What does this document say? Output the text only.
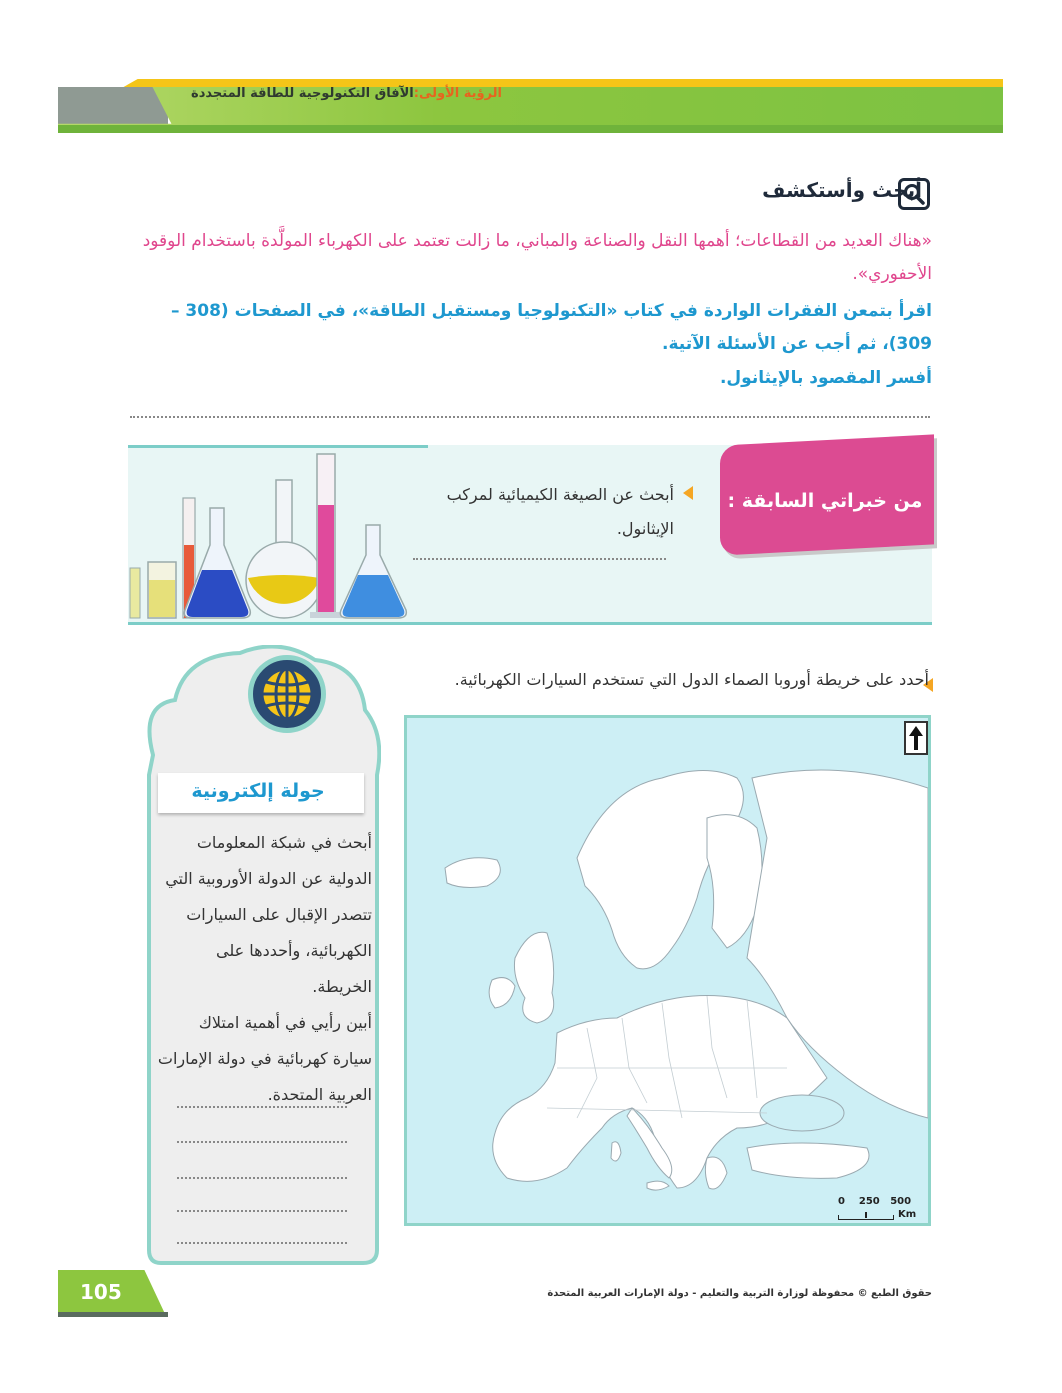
الرؤية الأولى:الآفاق التكنولوجية للطاقة المتجددة
أبحث وأستكشف
«هناك العديد من القطاعات؛ أهمها النقل والصناعة والمباني، ما زالت تعتمد على الكهرباء المولَّدة باستخدام الوقود الأحفوري».
اقرأ بتمعن الفقرات الواردة في كتاب «التكنولوجيا ومستقبل الطاقة»، في الصفحات (308 – 309)، ثم أجب عن الأسئلة الآتية.
أفسر المقصود بالإيثانول.
من خبراتي السابقة :
أبحث عن الصيغة الكيميائية لمركب الإيثانول.
أحدد على خريطة أوروبا الصماء الدول التي تستخدم السيارات الكهربائية.
0    250   500
Km
جولة إلكترونية
أبحث في شبكة المعلومات الدولية عن الدولة الأوروبية التي تتصدر الإقبال على السيارات الكهربائية، وأحددها على الخريطة.
أبين رأيي في أهمية امتلاك سيارة كهربائية في دولة الإمارات العربية المتحدة.
105	حقوق الطبع © محفوظة لوزارة التربية والتعليم - دولة الإمارات العربية المتحدة
